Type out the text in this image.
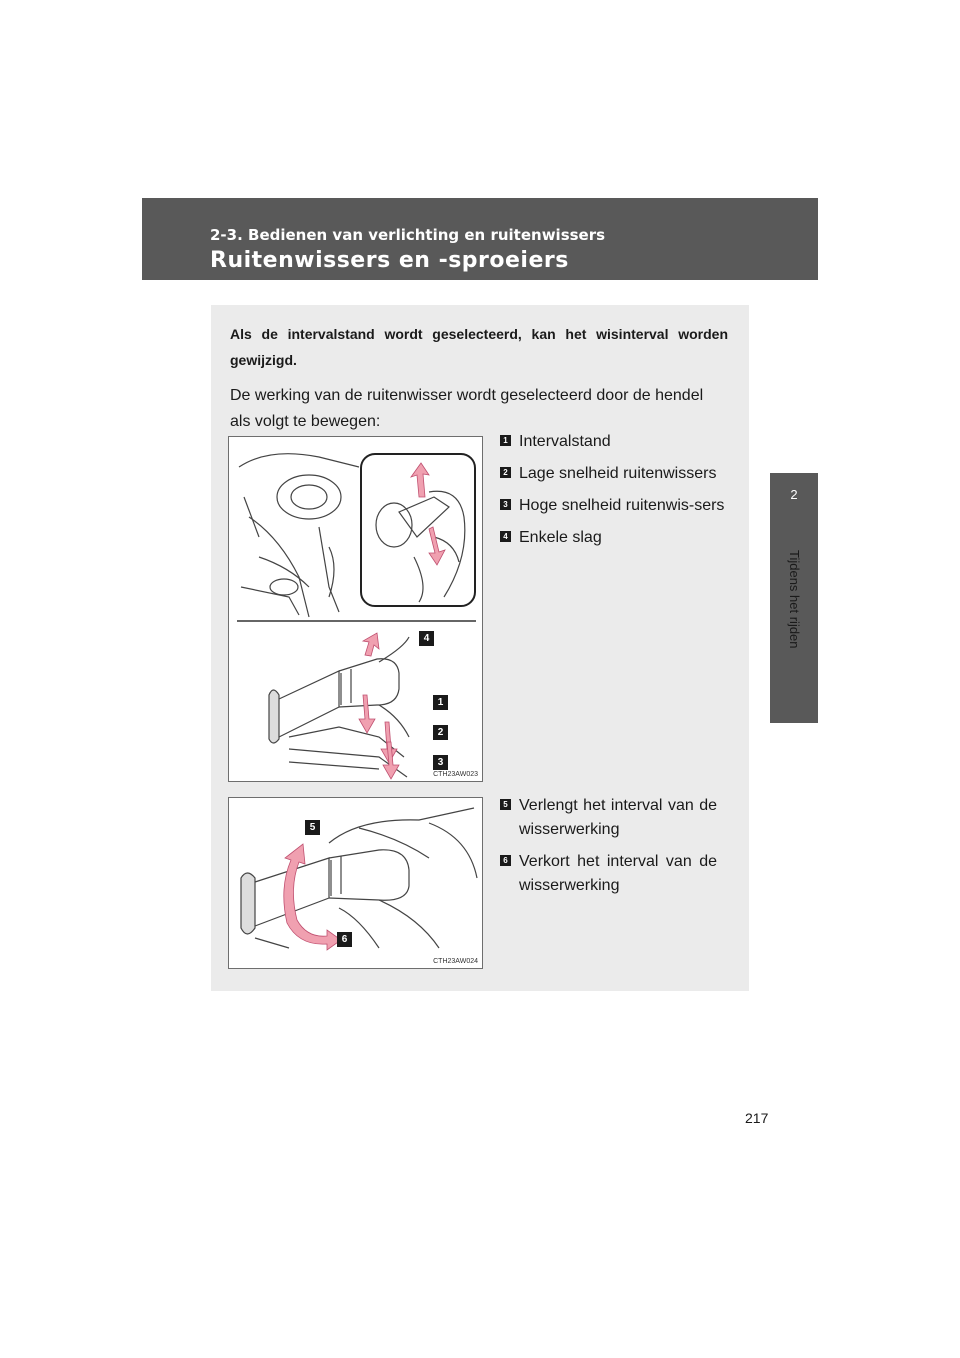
2-3. Bedienen van verlichting en ruitenwissers
Ruitenwissers en -sproeiers
2
Tijdens het rijden
Als de intervalstand wordt geselecteerd, kan het wisinterval worden gewijzigd.
De werking van de ruitenwisser wordt geselecteerd door de hendel als volgt te bewegen:
4
1
2
3
CTH23AW023
1 Intervalstand
2 Lage snelheid ruitenwissers
3 Hoge snelheid ruitenwis-sers
4 Enkele slag
5
6
CTH23AW024
5 Verlengt het interval van de wisserwerking
6 Verkort het interval van de wisserwerking
217
